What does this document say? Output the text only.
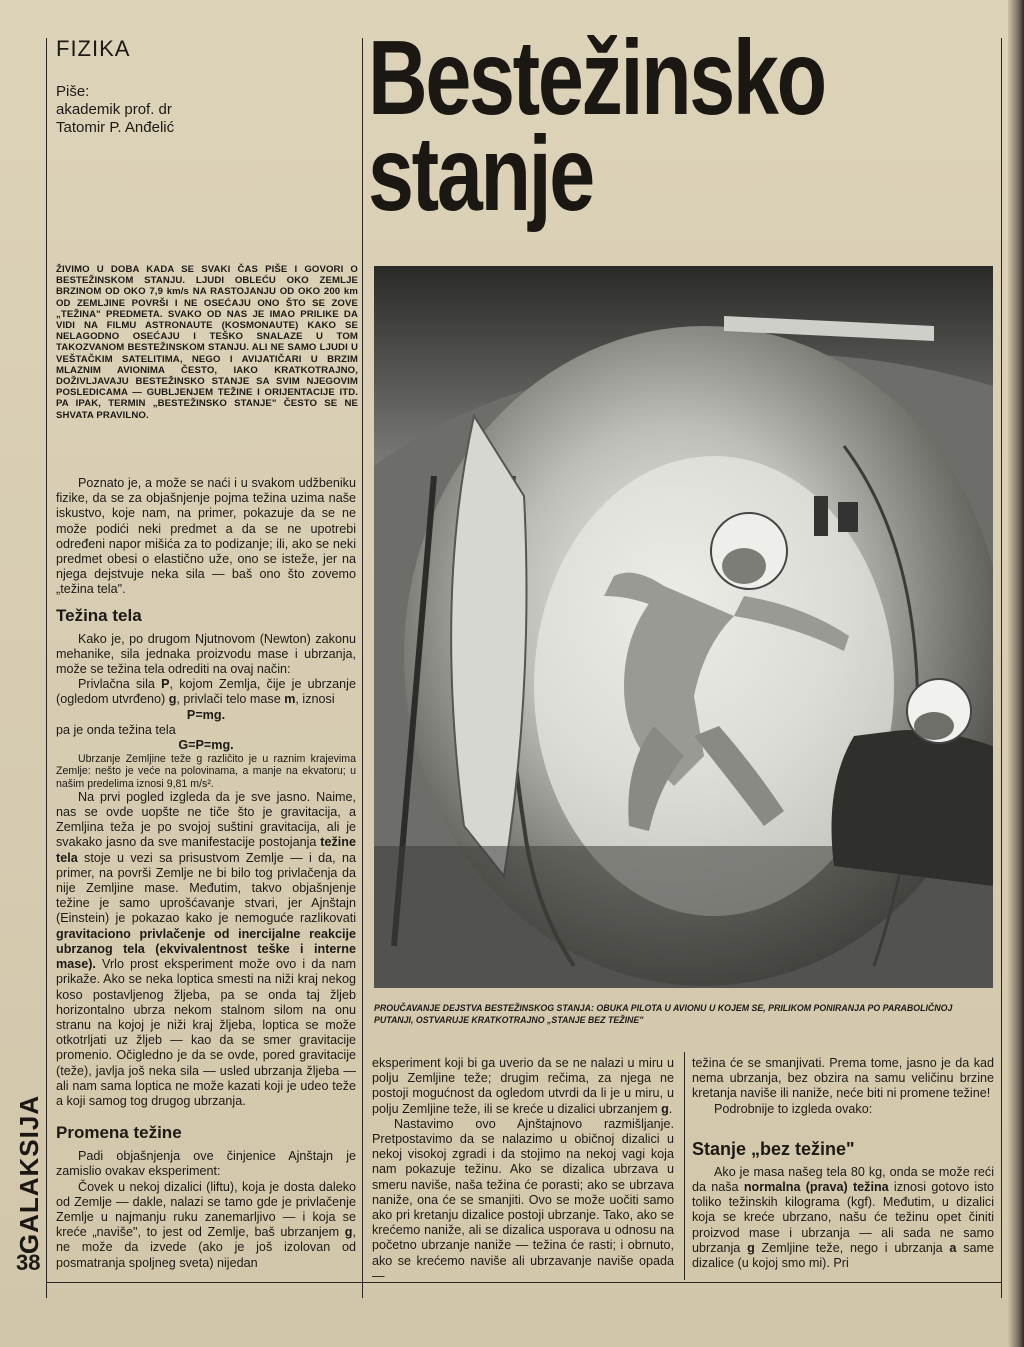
FIZIKA
Piše:
akademik prof. dr
Tatomir P. Anđelić	Bestežinsko
stanje
ŽIVIMO U DOBA KADA SE SVAKI ČAS PIŠE I GOVORI O BESTEŽINSKOM STANJU. LJUDI OBLEĆU OKO ZEMLJE BRZINOM OD OKO 7,9 km/s NA RASTOJANJU OD OKO 200 km OD ZEMLJINE POVRŠI I NE OSEĆAJU ONO ŠTO SE ZOVE „TEŽINA" PREDMETA. SVAKO OD NAS JE IMAO PRILIKE DA VIDI NA FILMU ASTRONAUTE (KOSMONAUTE) KAKO SE NELAGODNO OSEĆAJU I TEŠKO SNALAZE U TOM TAKOZVANOM BESTEŽINSKOM STANJU. ALI NE SAMO LJUDI U VEŠTAČKIM SATELITIMA, NEGO I AVIJATIČARI U BRZIM MLAZNIM AVIONIMA ČESTO, IAKO KRATKOTRAJNO, DOŽIVLJAVAJU BESTEŽINSKO STANJE SA SVIM NJEGOVIM POSLEDICAMA — GUBLJENJEM TEŽINE I ORIJENTACIJE ITD. PA IPAK, TERMIN „BESTEŽINSKO STANJE" ČESTO SE NE SHVATA PRAVILNO.

Poznato je, a može se naći i u svakom udžbeniku fizike, da se za objašnjenje pojma težina uzima naše iskustvo, koje nam, na primer, pokazuje da se ne može podići neki predmet a da se ne upotrebi određeni napor mišića za to podizanje; ili, ako se neki predmet obesi o elastično uže, ono se isteže, jer na njega dejstvuje neka sila — baš ono što zovemo „težina tela".

Težina tela

Kako je, po drugom Njutnovom (Newton) zakonu mehanike, sila jednaka proizvodu mase i ubrzanja, može se težina tela odrediti na ovaj način:

Privlačna sila P, kojom Zemlja, čije je ubrzanje (ogledom utvrđeno) g, privlači telo mase m, iznosi

P=mg.

pa je onda težina tela

G=P=mg.

Ubrzanje Zemljine teže g različito je u raznim krajevima Zemlje: nešto je veće na polovinama, a manje na ekvatoru; u našim predelima iznosi 9,81 m/s².

Na prvi pogled izgleda da je sve jasno. Naime, nas se ovde uopšte ne tiče što je gravitacija, a Zemljina teža je po svojoj suštini gravitacija, ali je svakako jasno da sve manifestacije postojanja težine tela stoje u vezi sa prisustvom Zemlje — i da, na primer, na površi Zemlje ne bi bilo tog privlačenja da nije Zemljine mase. Međutim, takvo objašnjenje težine je samo uprošćavanje stvari, jer Ajnštajn (Einstein) je pokazao kako je nemoguće razlikovati gravitaciono privlačenje od inercijalne reakcije ubrzanog tela (ekvivalentnost teške i interne mase). Vrlo prost eksperiment može ovo i da nam prikaže. Ako se neka loptica smesti na niži kraj nekog koso postavljenog žljeba, pa se onda taj žljeb horizontalno ubrza nekom stalnom silom na onu stranu na kojoj je niži kraj žljeba, loptica se može otkotrljati uz žljeb — kao da se smer gravitacije promenio. Očigledno je da se ovde, pored gravitacije (teže), javlja još neka sila — usled ubrzanja žljeba — ali nam sama loptica ne može kazati koji je udeo teže a koji samog tog drugog ubrzanja.

Promena težine

Padi objašnjenja ove činjenice Ajnštajn je zamislio ovakav eksperiment:

Čovek u nekoj dizalici (liftu), koja je dosta daleko od Zemlje — dakle, nalazi se tamo gde je privlačenje Zemlje u najmanju ruku zanemarljivo — i koja se kreće „naviše", to jest od Zemlje, baš ubrzanjem g, ne može da izvede (ako je još izolovan od posmatranja spoljneg sveta) nijedan

PROUČAVANJE DEJSTVA BESTEŽINSKOG STANJA: OBUKA PILOTA U AVIONU U KOJEM SE, PRILIKOM PONIRANJA PO PARABOLIČNOJ PUTANJI, OSTVARUJE KRATKOTRAJNO „STANJE BEZ TEŽINE"

eksperiment koji bi ga uverio da se ne nalazi u miru u polju Zemljine teže; drugim rečima, za njega ne postoji mogućnost da ogledom utvrdi da li je u miru, u polju Zemljine teže, ili se kreće u dizalici ubrzanjem g.

Nastavimo ovo Ajnštajnovo razmišljanje. Pretpostavimo da se nalazimo u običnoj dizalici u nekoj visokoj zgradi i da stojimo na nekoj vagi koja nam pokazuje težinu. Ako se dizalica ubrzava u smeru naviše, naša težina će porasti; ako se ubrzava naniže, ona će se smanjiti. Ovo se može uočiti samo ako pri kretanju dizalice postoji ubrzanje. Tako, ako se krećemo naniže, ali se dizalica usporava u odnosu na početno ubrzanje naniže — težina će rasti; i obrnuto, ako se krećemo naviše ali ubrzavanje naviše opada —

težina će se smanjivati. Prema tome, jasno je da kad nema ubrzanja, bez obzira na samu veličinu brzine kretanja naviše ili naniže, neće biti ni promene težine!

Podrobnije to izgleda ovako:

Stanje „bez težine"

Ako je masa našeg tela 80 kg, onda se može reći da naša normalna (prava) težina iznosi gotovo isto toliko težinskih kilograma (kgf). Međutim, u dizalici koja se kreće ubrzano, našu će težinu opet činiti proizvod mase i ubrzanja — ali sada ne samo ubrzanja g Zemljine teže, nego i ubrzanja a same dizalice (u kojoj smo mi). Pri

GALAKSIJA
38
